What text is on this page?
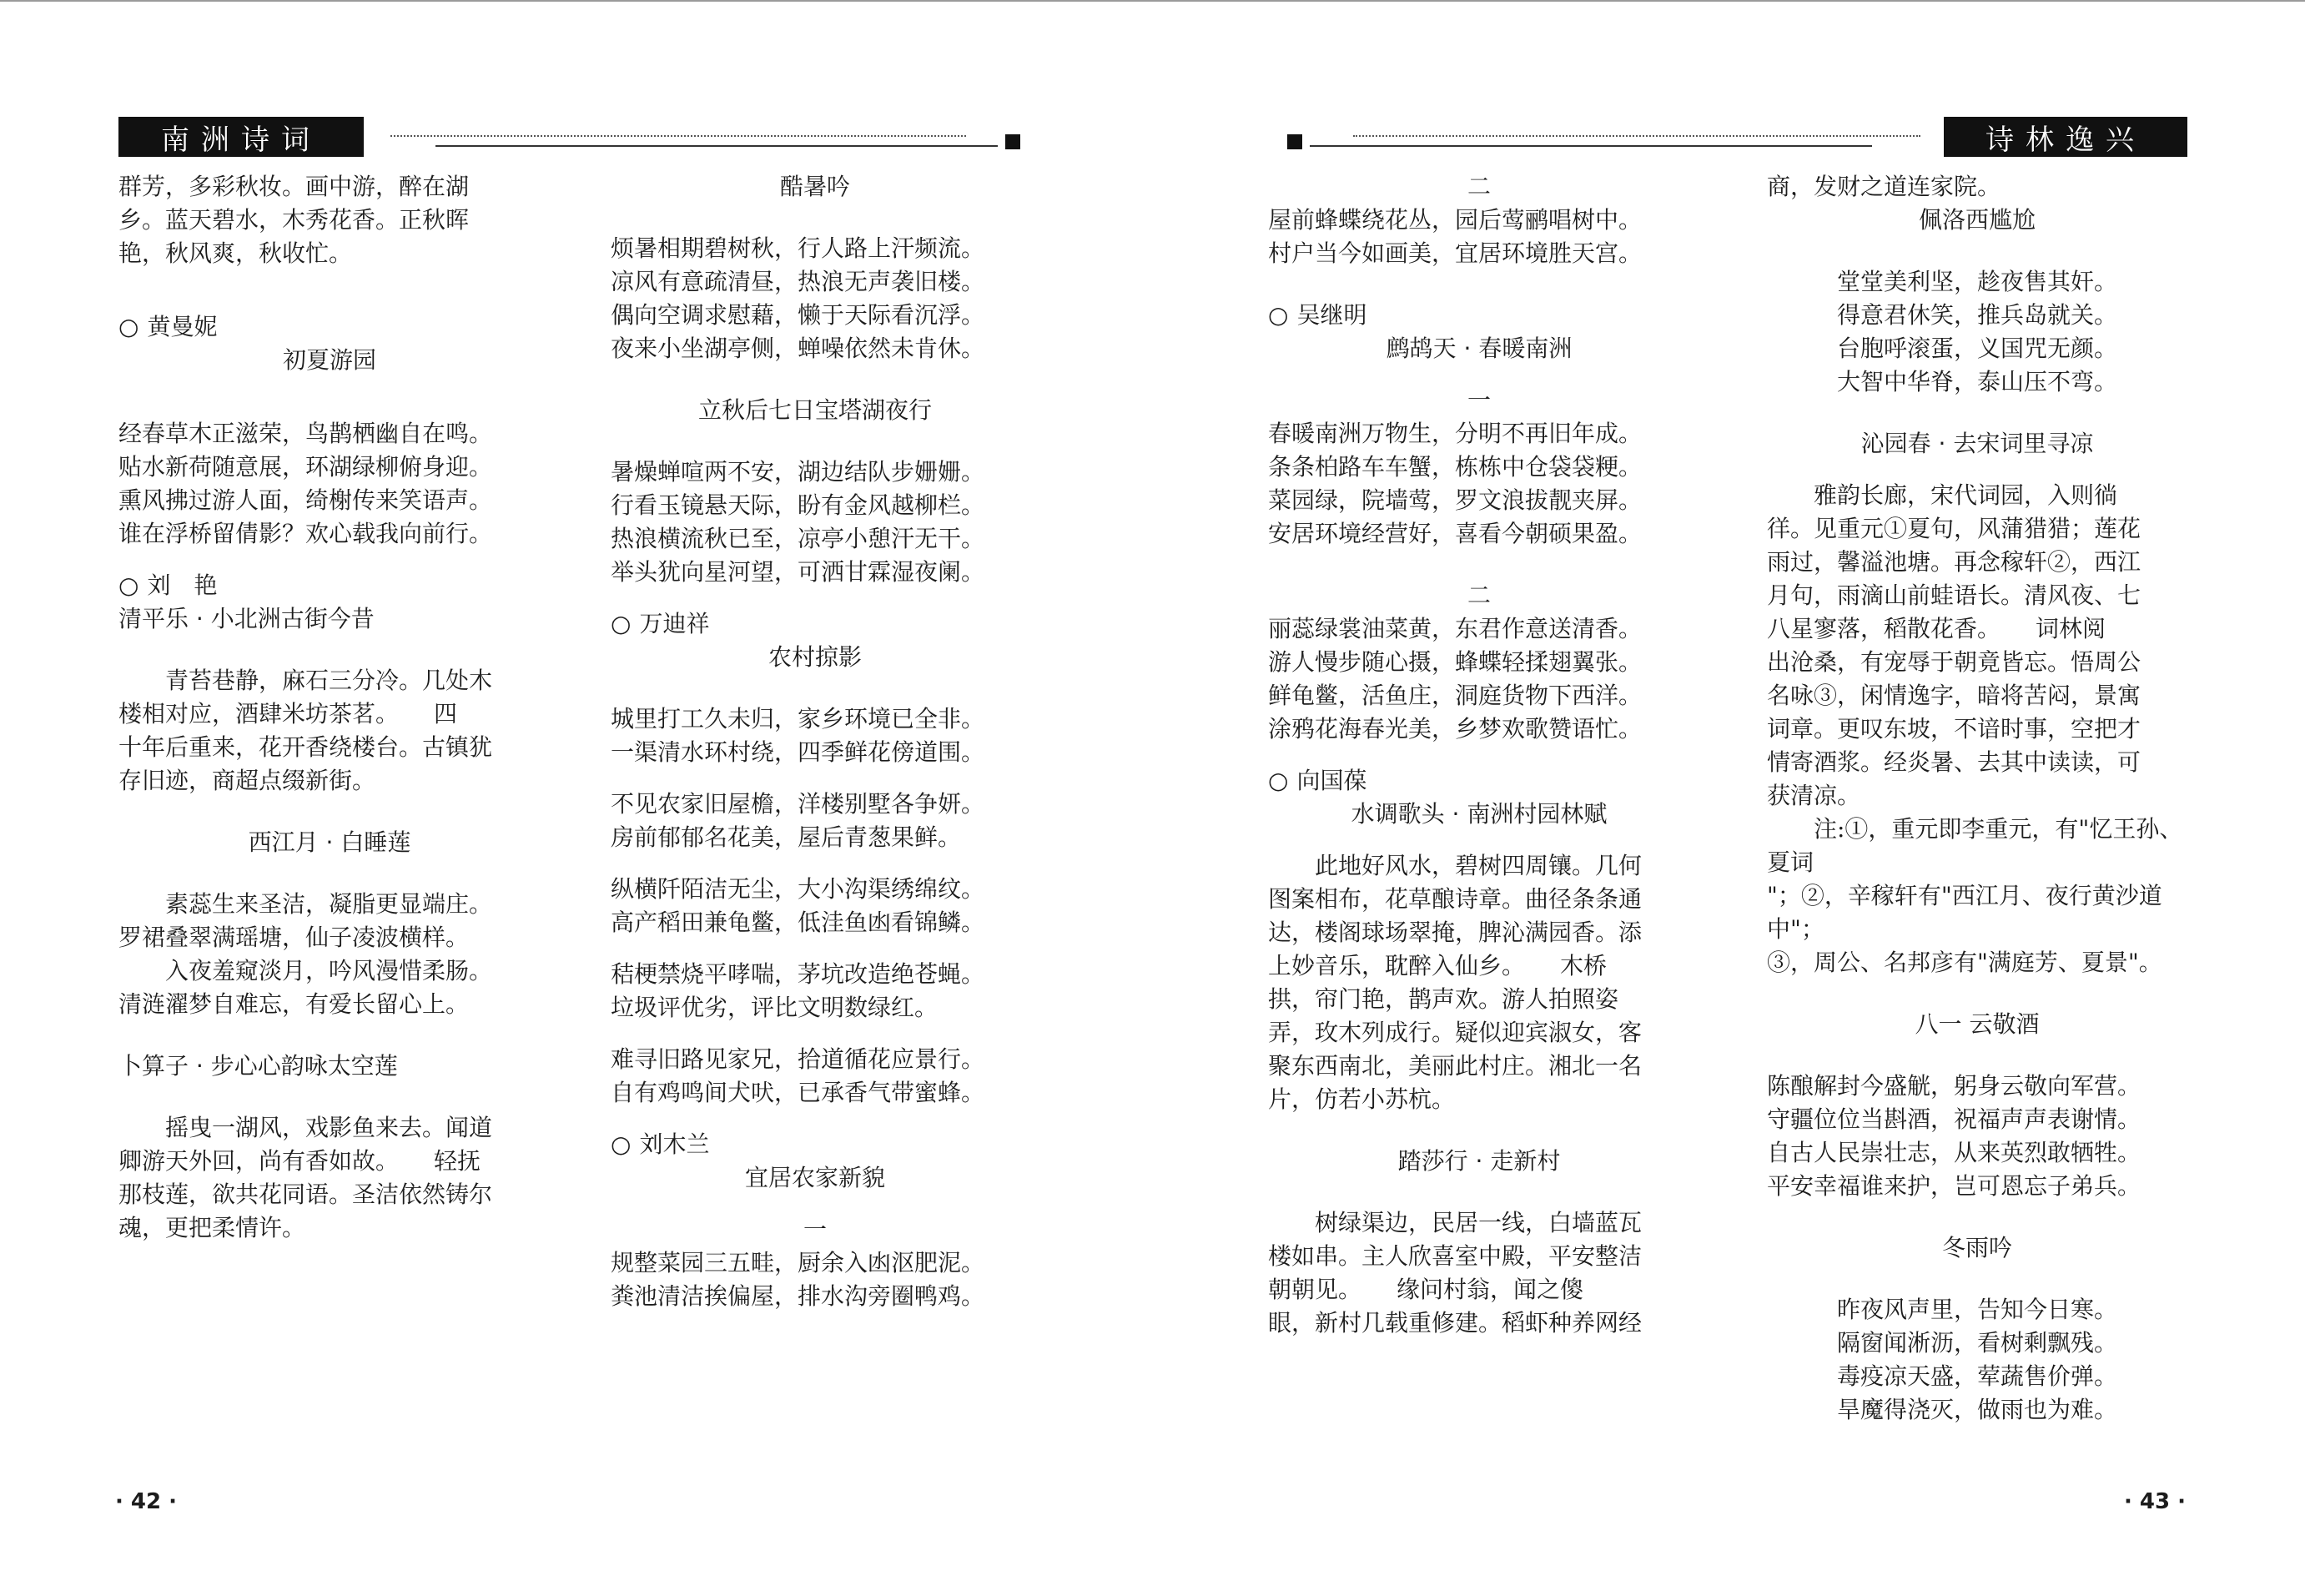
南洲诗词	诗林逸兴

群芳，多彩秋妆。画中游，醉在湖

乡。蓝天碧水，木秀花香。正秋晖

艳，秋风爽，秋收忙。

○ 黄曼妮

初夏游园

经春草木正滋荣，鸟鹊栖幽自在鸣。

贴水新荷随意展，环湖绿柳俯身迎。

熏风拂过游人面，绮榭传来笑语声。

谁在浮桥留倩影？欢心载我向前行。

○ 刘　艳

清平乐 · 小北洲古街今昔

青苔巷静，麻石三分冷。几处木

楼相对应，酒肆米坊茶茗。　　四

十年后重来，花开香绕楼台。古镇犹

存旧迹，商超点缀新街。

西江月 · 白睡莲

素蕊生来圣洁，凝脂更显端庄。

罗裙叠翠满瑶塘，仙子凌波横样。

入夜羞窥淡月，吟风漫惜柔肠。

清涟濯梦自难忘，有爱长留心上。

卜算子 · 步心心韵咏太空莲

摇曳一湖风，戏影鱼来去。闻道

卿游天外回，尚有香如故。　　轻抚

那枝莲，欲共花同语。圣洁依然铸尔

魂，更把柔情许。

酷暑吟

烦暑相期碧树秋，行人路上汗频流。

凉风有意疏清昼，热浪无声袭旧楼。

偶向空调求慰藉，懒于天际看沉浮。

夜来小坐湖亭侧，蝉噪依然未肯休。

立秋后七日宝塔湖夜行

暑燥蝉喧两不安，湖边结队步姗姗。

行看玉镜悬天际，盼有金风越柳栏。

热浪横流秋已至，凉亭小憩汗无干。

举头犹向星河望，可洒甘霖湿夜阑。

○ 万迪祥

农村掠影

城里打工久未归，家乡环境已全非。

一渠清水环村绕，四季鲜花傍道围。

不见农家旧屋檐，洋楼别墅各争妍。

房前郁郁名花美，屋后青葱果鲜。

纵横阡陌洁无尘，大小沟渠绣绵纹。

高产稻田兼龟鳖，低洼鱼凼看锦鳞。

秸梗禁烧平哮喘，茅坑改造绝苍蝇。

垃圾评优劣，评比文明数绿红。

难寻旧路见家兄，拾道循花应景行。

自有鸡鸣间犬吠，已承香气带蜜蜂。

○ 刘木兰

宜居农家新貌

一

规整菜园三五畦，厨余入凼沤肥泥。

粪池清洁挨偏屋，排水沟旁圈鸭鸡。

二

屋前蜂蝶绕花丛，园后莺鹂唱树中。

村户当今如画美，宜居环境胜天宫。

○ 吴继明

鹧鸪天 · 春暖南洲

一

春暖南洲万物生，分明不再旧年成。

条条柏路车车蟹，栋栋中仓袋袋粳。

菜园绿，院墙莺，罗文浪拔靓夹屏。

安居环境经营好，喜看今朝硕果盈。

二

丽蕊绿裳油菜黄，东君作意送清香。

游人慢步随心摄，蜂蝶轻揉翅翼张。

鲜龟鳖，活鱼庄，洞庭货物下西洋。

涂鸦花海春光美，乡梦欢歌赞语忙。

○ 向国葆

水调歌头 · 南洲村园林赋

此地好风水，碧树四周镶。几何

图案相布，花草酿诗章。曲径条条通

达，楼阁球场翠掩，脾沁满园香。添

上妙音乐，耽醉入仙乡。　　木桥

拱，帘门艳，鹊声欢。游人拍照姿

弄，玫木列成行。疑似迎宾淑女，客

聚东西南北，美丽此村庄。湘北一名

片，仿若小苏杭。

踏莎行 · 走新村

树绿渠边，民居一线，白墙蓝瓦

楼如串。主人欣喜室中殿，平安整洁

朝朝见。　　缘问村翁，闻之傻

眼，新村几载重修建。稻虾种养网经

商，发财之道连家院。

佩洛西尴尬

堂堂美利坚，趁夜售其奸。

得意君休笑，推兵岛就关。

台胞呼滚蛋，义国咒无颜。

大智中华脊，泰山压不弯。

沁园春 · 去宋词里寻凉

雅韵长廊，宋代词园，入则徜

徉。见重元①夏句，风蒲猎猎；莲花

雨过，馨溢池塘。再念稼轩②，西江

月句，雨滴山前蛙语长。清风夜、七

八星寥落，稻散花香。　　词林阅

出沧桑，有宠辱于朝竟皆忘。悟周公

名咏③，闲情逸字，暗将苦闷，景寓

词章。更叹东坡，不谙时事，空把才

情寄酒浆。经炎暑、去其中读读，可

获清凉。

注:①，重元即李重元，有"忆王孙、夏词

"；②，辛稼轩有"西江月、夜行黄沙道中"；

③，周公、名邦彦有"满庭芳、夏景"。

八一 云敬酒

陈酿解封今盛觥，躬身云敬向军营。

守疆位位当斟酒，祝福声声表谢情。

自古人民崇壮志，从来英烈敢牺牲。

平安幸福谁来护，岂可恩忘子弟兵。

冬雨吟

昨夜风声里，告知今日寒。

隔窗闻淅沥，看树剩飘残。

毒疫凉天盛，荤蔬售价弹。

旱魔得浇灭，做雨也为难。

· 42 ·	· 43 ·
